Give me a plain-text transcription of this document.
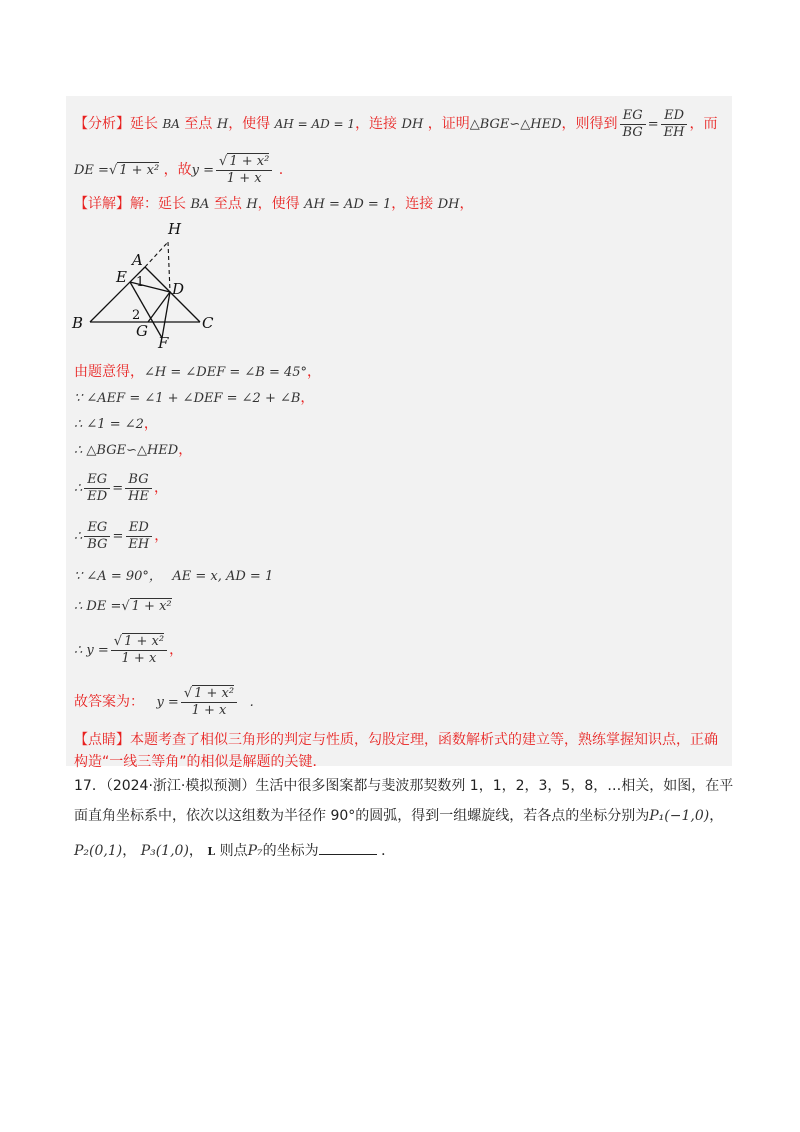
【分析】延长 BA 至点 H，使得 AH = AD = 1，连接 DH ，证明△BGE∽△HED，则得到 $\frac{EG}{BG} = \frac{ED}{EH}$ ，而
DE =√ 1 + x² ，故$y = \frac{\text{√ 1 + x²}}{1 + x}$ .
【详解】解：延长 BA 至点 H，使得 AH = AD = 1，连接 DH，
H
A
E 1 D
B	2
G	C
F
由题意得，∠H = ∠DEF = ∠B = 45°，
∵ ∠AEF = ∠1 + ∠DEF = ∠2 + ∠B，
∴ ∠1 = ∠2，
∴ △BGE∽△HED，
∴ $\frac{EG}{ED} = \frac{BG}{HE}$ ，
∴ $\frac{EG}{BG} = \frac{ED}{EH}$ ，
∵ ∠A = 90°， AE = x, AD = 1
∴ DE =√ 1 + x²
∴ $y = \frac{\text{√ 1 + x²}}{1 + x}$ ，
故答案为： $y = \frac{\text{√ 1 + x²}}{1 + x}$ .
【点睛】本题考查了相似三角形的判定与性质，勾股定理，函数解析式的建立等，熟练掌握知识点，正确
构造“一线三等角”的相似是解题的关键．
17．（2024·浙江·模拟预测）生活中很多图案都与斐波那契数列 1，1，2，3，5，8，…相关，如图，在平
面直角坐标系中，依次以这组数为半径作 90°的圆弧，得到一组螺旋线，若各点的坐标分别为P₁(−1,0)，
P₂(0,1)， P₃(1,0)， L 则点P₇的坐标为	．
